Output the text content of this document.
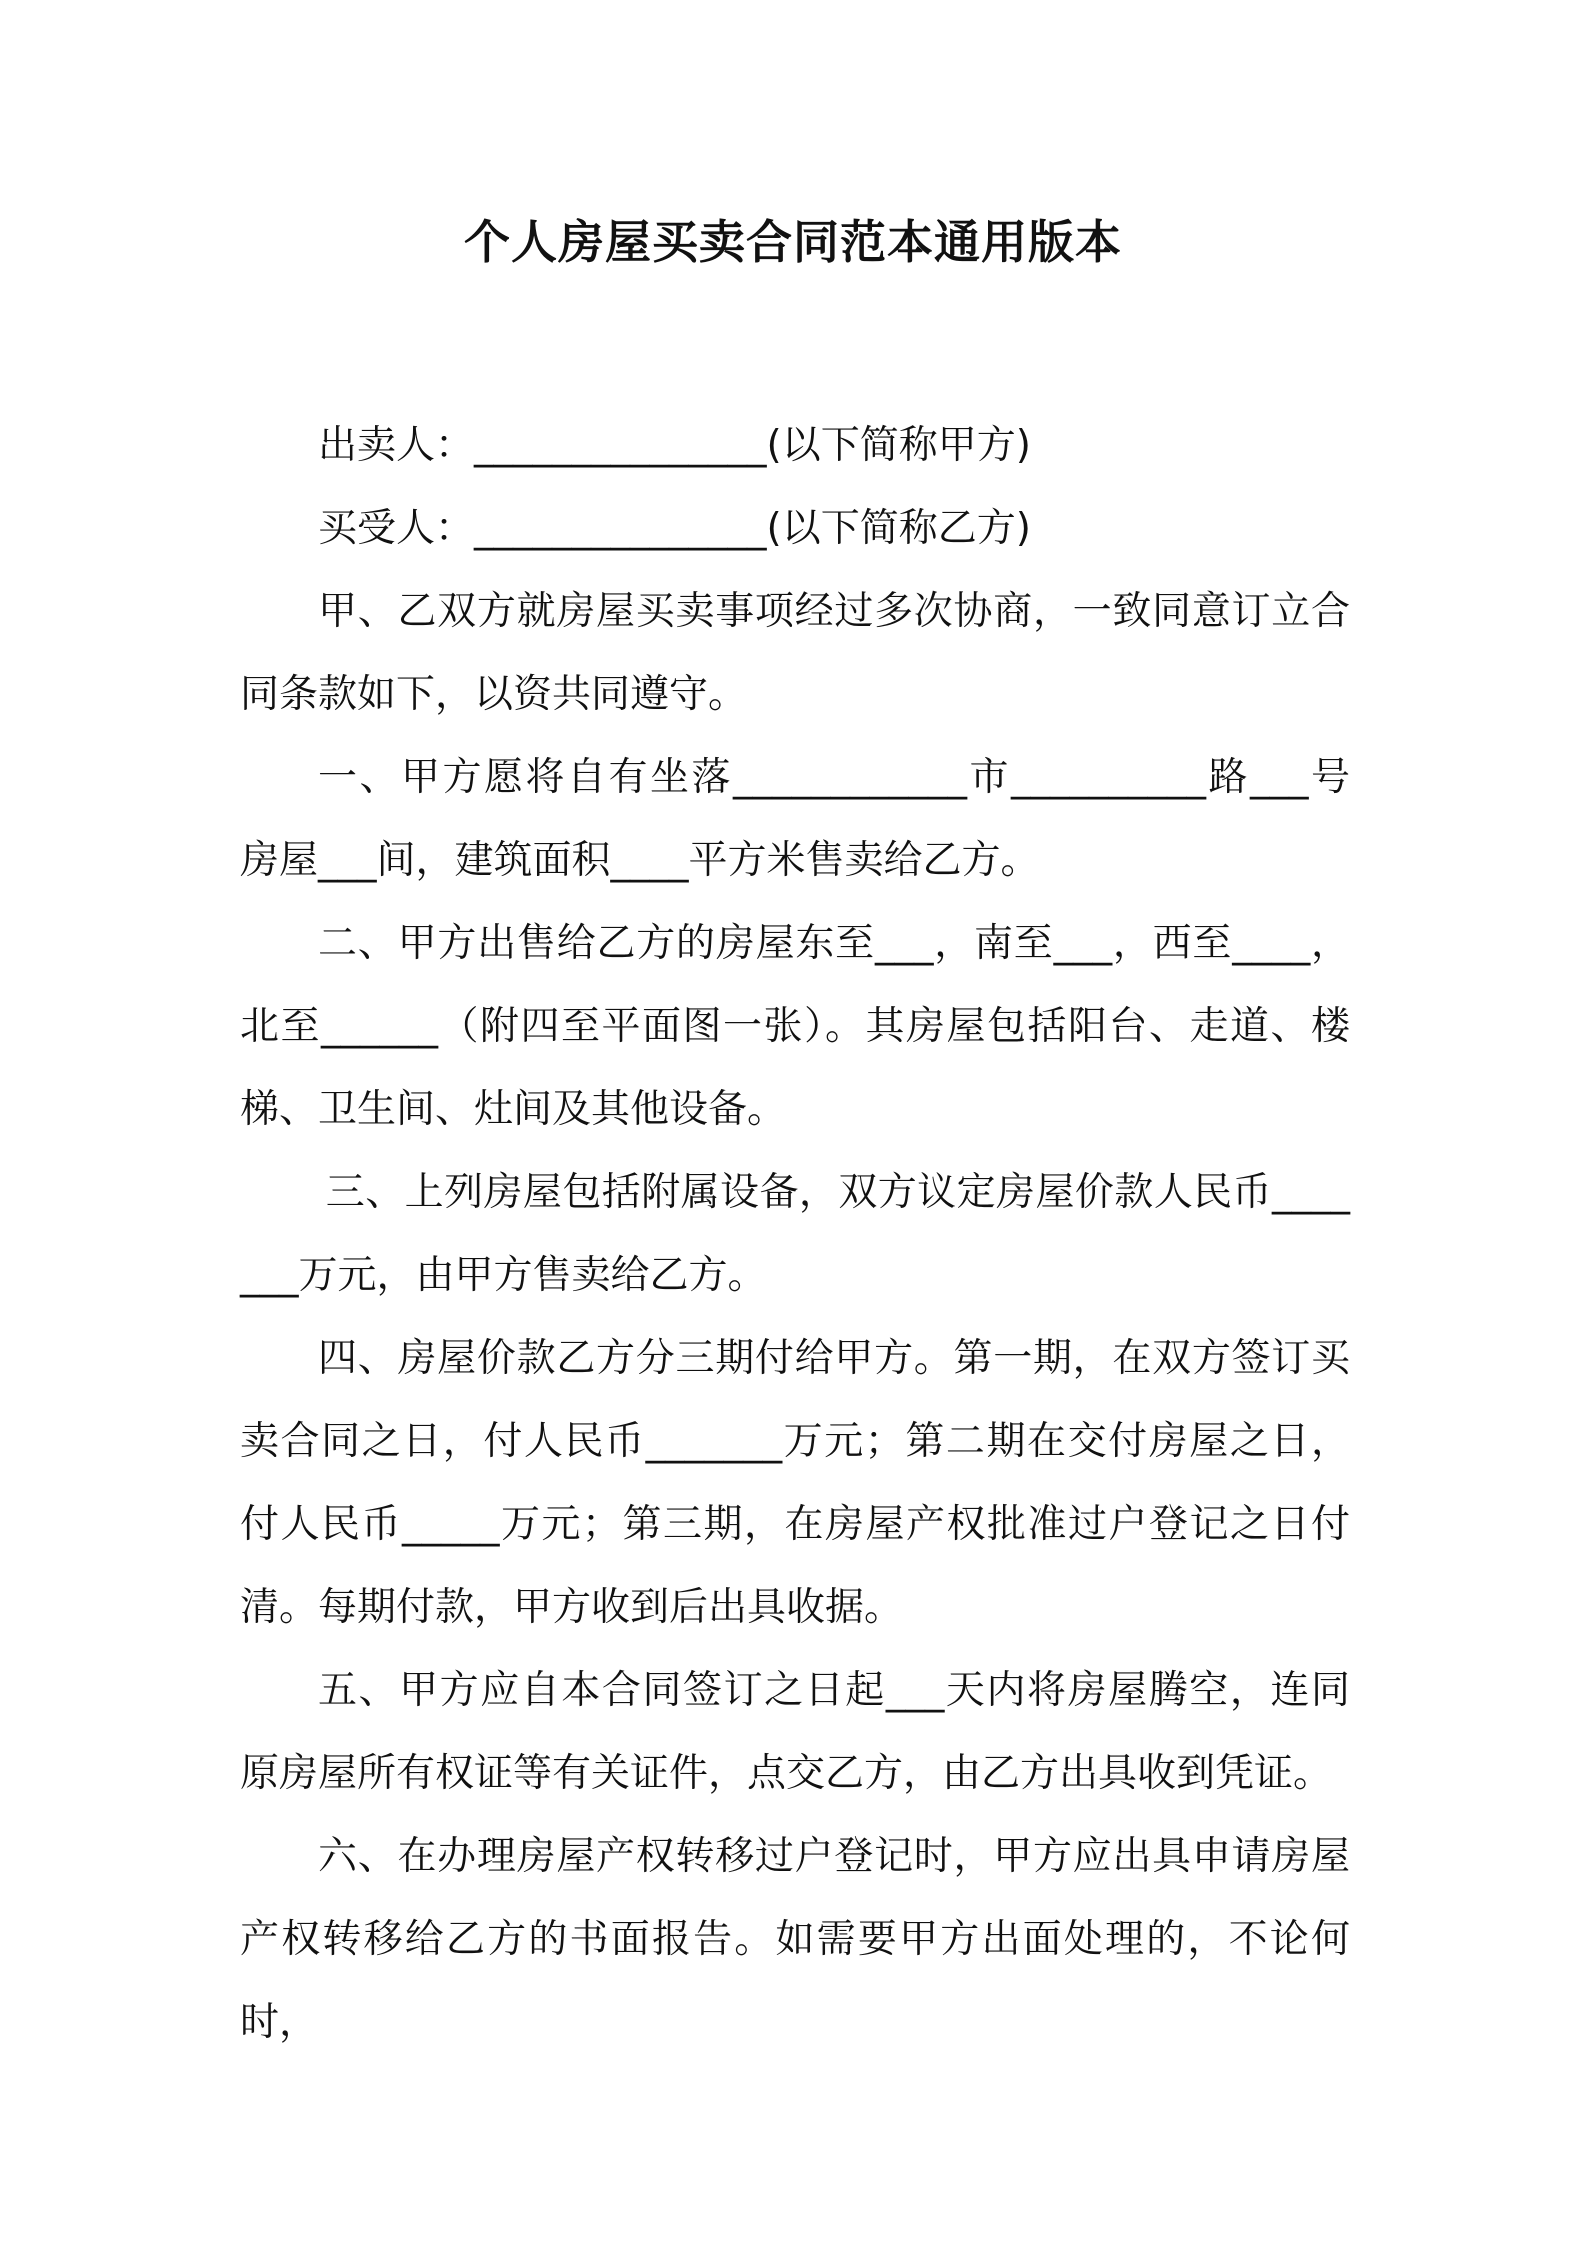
个人房屋买卖合同范本通用版本

出卖人：_______________(以下简称甲方)

买受人：_______________(以下简称乙方)

甲、乙双方就房屋买卖事项经过多次协商，一致同意订立合同条款如下，以资共同遵守。

一、甲方愿将自有坐落____________市__________路___号房屋___间，建筑面积____平方米售卖给乙方。

二、甲方出售给乙方的房屋东至___，南至___，西至____，北至______（附四至平面图一张）。其房屋包括阳台、走道、楼梯、卫生间、灶间及其他设备。

三、上列房屋包括附属设备，双方议定房屋价款人民币_______万元，由甲方售卖给乙方。

四、房屋价款乙方分三期付给甲方。第一期，在双方签订买卖合同之日，付人民币_______万元；第二期在交付房屋之日，付人民币_____万元；第三期，在房屋产权批准过户登记之日付清。每期付款，甲方收到后出具收据。

五、甲方应自本合同签订之日起___天内将房屋腾空，连同原房屋所有权证等有关证件，点交乙方，由乙方出具收到凭证。

六、在办理房屋产权转移过户登记时，甲方应出具申请房屋产权转移给乙方的书面报告。如需要甲方出面处理的，不论何时，
